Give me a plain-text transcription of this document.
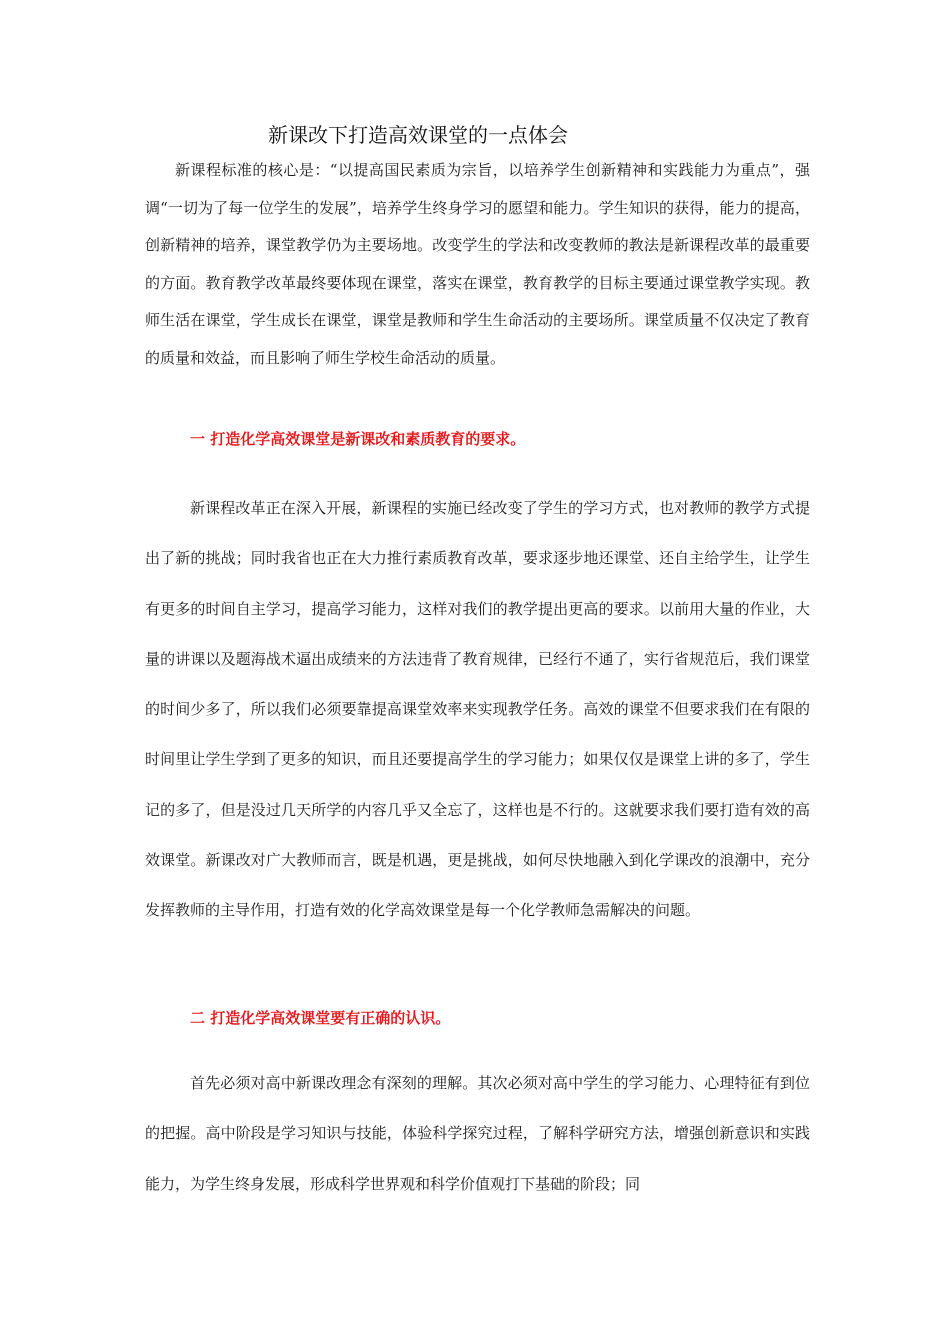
新课改下打造高效课堂的一点体会

新课程标准的核心是：“以提高国民素质为宗旨，以培养学生创新精神和实践能力为重点”，强调“一切为了每一位学生的发展”，培养学生终身学习的愿望和能力。学生知识的获得，能力的提高，创新精神的培养，课堂教学仍为主要场地。改变学生的学法和改变教师的教法是新课程改革的最重要的方面。教育教学改革最终要体现在课堂，落实在课堂，教育教学的目标主要通过课堂教学实现。教师生活在课堂，学生成长在课堂，课堂是教师和学生生命活动的主要场所。课堂质量不仅决定了教育的质量和效益，而且影响了师生学校生命活动的质量。

一 打造化学高效课堂是新课改和素质教育的要求。

新课程改革正在深入开展，新课程的实施已经改变了学生的学习方式，也对教师的教学方式提出了新的挑战；同时我省也正在大力推行素质教育改革，要求逐步地还课堂、还自主给学生，让学生有更多的时间自主学习，提高学习能力，这样对我们的教学提出更高的要求。以前用大量的作业，大量的讲课以及题海战术逼出成绩来的方法违背了教育规律，已经行不通了，实行省规范后，我们课堂的时间少多了，所以我们必须要靠提高课堂效率来实现教学任务。高效的课堂不但要求我们在有限的时间里让学生学到了更多的知识，而且还要提高学生的学习能力；如果仅仅是课堂上讲的多了，学生记的多了，但是没过几天所学的内容几乎又全忘了，这样也是不行的。这就要求我们要打造有效的高效课堂。新课改对广大教师而言，既是机遇，更是挑战，如何尽快地融入到化学课改的浪潮中，充分发挥教师的主导作用，打造有效的化学高效课堂是每一个化学教师急需解决的问题。

二 打造化学高效课堂要有正确的认识。

首先必须对高中新课改理念有深刻的理解。其次必须对高中学生的学习能力、心理特征有到位的把握。高中阶段是学习知识与技能，体验科学探究过程，了解科学研究方法，增强创新意识和实践能力，为学生终身发展，形成科学世界观和科学价值观打下基础的阶段；同
